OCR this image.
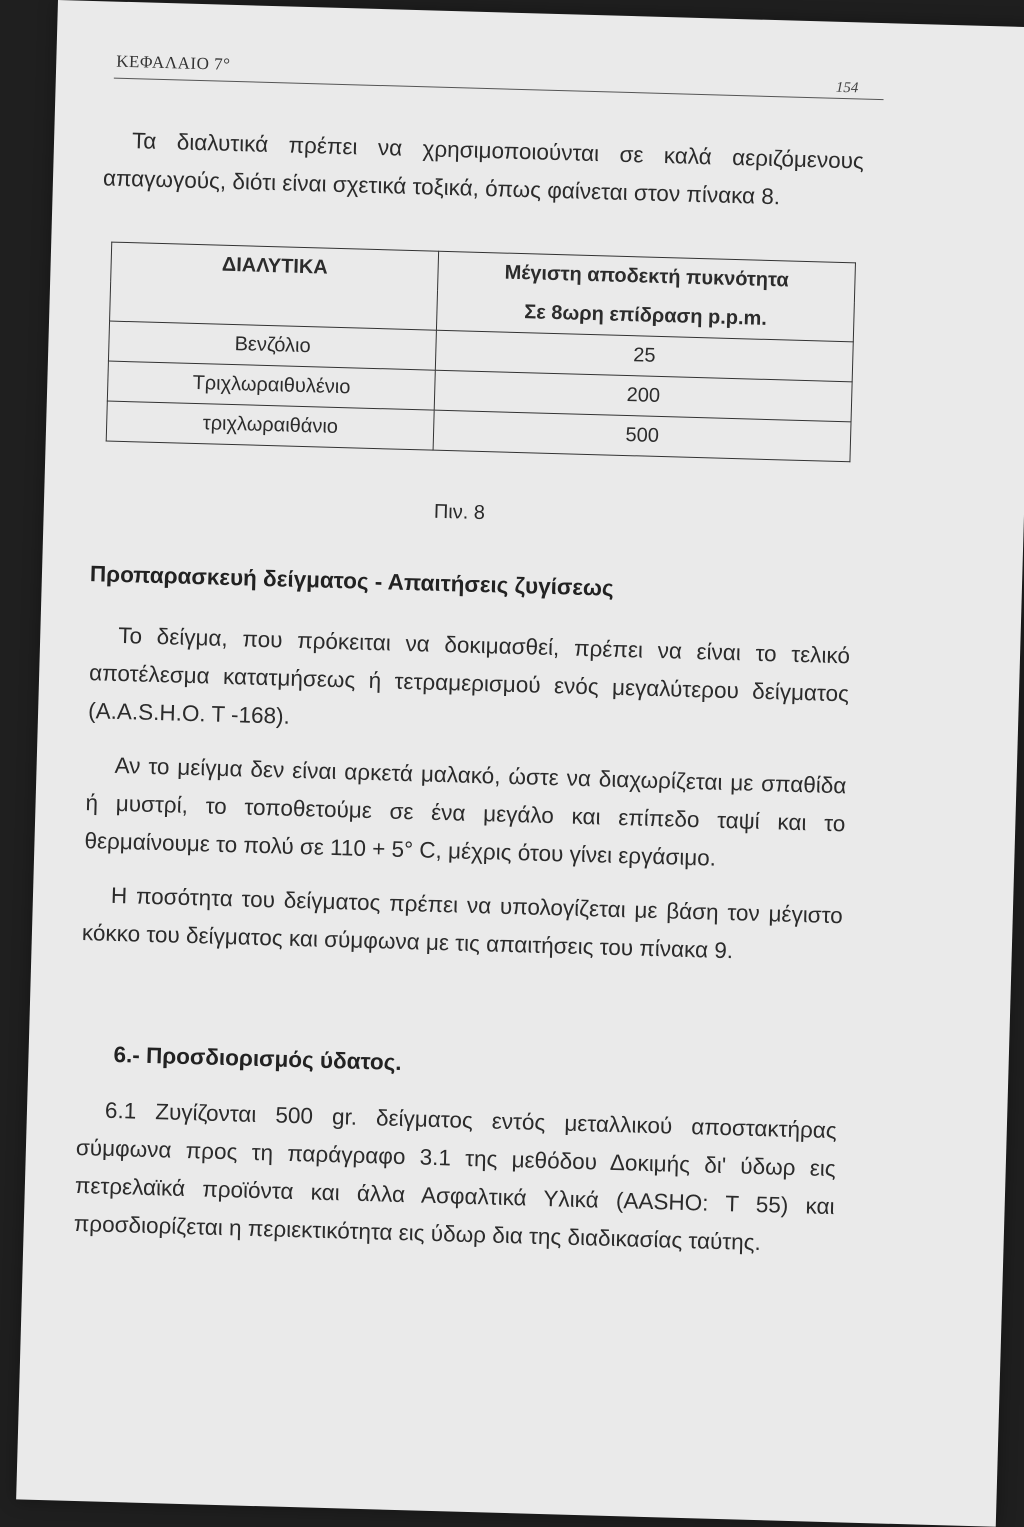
ΚΕΦΑΛΑΙΟ 7°
154
Τα διαλυτικά πρέπει να χρησιμοποιούνται σε καλά αεριζόμενους απαγωγούς, διότι είναι σχετικά τοξικά, όπως φαίνεται στον πίνακα 8.
ΔΙΑΛΥΤΙΚΑ	Μέγιστη αποδεκτή πυκνότητα
	Σε 8ωρη επίδραση p.p.m.
Βενζόλιο	25
Τριχλωραιθυλένιο	200
τριχλωραιθάνιο	500
Πιν. 8
Προπαρασκευή δείγματος - Απαιτήσεις ζυγίσεως
Το δείγμα, που πρόκειται να δοκιμασθεί, πρέπει να είναι το τελικό αποτέλεσμα κατατμήσεως ή τετραμερισμού ενός μεγαλύτερου δείγματος (A.A.S.H.O. T -168).
Αν το μείγμα δεν είναι αρκετά μαλακό, ώστε να διαχωρίζεται με σπαθίδα ή μυστρί, το τοποθετούμε σε ένα μεγάλο και επίπεδο ταψί και το θερμαίνουμε το πολύ σε 110 + 5° C, μέχρις ότου γίνει εργάσιμο.
Η ποσότητα του δείγματος πρέπει να υπολογίζεται με βάση τον μέγιστο κόκκο του δείγματος και σύμφωνα με τις απαιτήσεις του πίνακα 9.
6.- Προσδιορισμός ύδατος.
6.1 Ζυγίζονται 500 gr. δείγματος εντός μεταλλικού αποστακτήρας σύμφωνα προς τη παράγραφο 3.1 της μεθόδου Δοκιμής δι' ύδωρ εις πετρελαϊκά προϊόντα και άλλα Ασφαλτικά Υλικά (AASHO: T 55) και προσδιορίζεται η περιεκτικότητα εις ύδωρ δια της διαδικασίας ταύτης.
